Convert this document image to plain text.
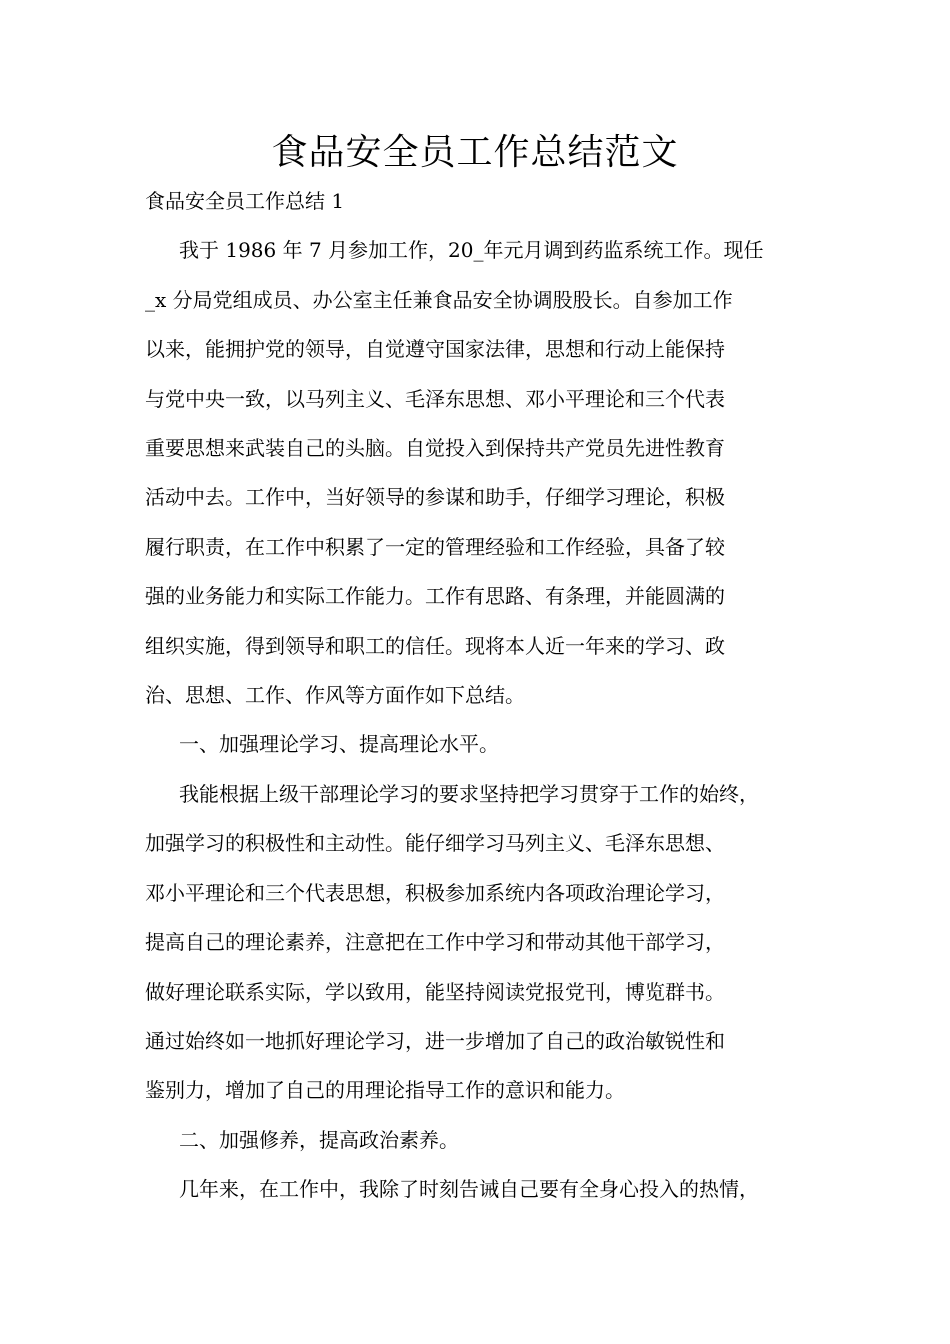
食品安全员工作总结范文

食品安全员工作总结 1

我于 1986 年 7 月参加工作，20_年元月调到药监系统工作。现任

_x 分局党组成员、办公室主任兼食品安全协调股股长。自参加工作

以来，能拥护党的领导，自觉遵守国家法律，思想和行动上能保持

与党中央一致，以马列主义、毛泽东思想、邓小平理论和三个代表

重要思想来武装自己的头脑。自觉投入到保持共产党员先进性教育

活动中去。工作中，当好领导的参谋和助手，仔细学习理论，积极

履行职责，在工作中积累了一定的管理经验和工作经验，具备了较

强的业务能力和实际工作能力。工作有思路、有条理，并能圆满的

组织实施，得到领导和职工的信任。现将本人近一年来的学习、政

治、思想、工作、作风等方面作如下总结。

一、加强理论学习、提高理论水平。

我能根据上级干部理论学习的要求坚持把学习贯穿于工作的始终，

加强学习的积极性和主动性。能仔细学习马列主义、毛泽东思想、

邓小平理论和三个代表思想，积极参加系统内各项政治理论学习，

提高自己的理论素养，注意把在工作中学习和带动其他干部学习，

做好理论联系实际，学以致用，能坚持阅读党报党刊，博览群书。

通过始终如一地抓好理论学习，进一步增加了自己的政治敏锐性和

鉴别力，增加了自己的用理论指导工作的意识和能力。

二、加强修养，提高政治素养。

几年来，在工作中，我除了时刻告诫自己要有全身心投入的热情，
